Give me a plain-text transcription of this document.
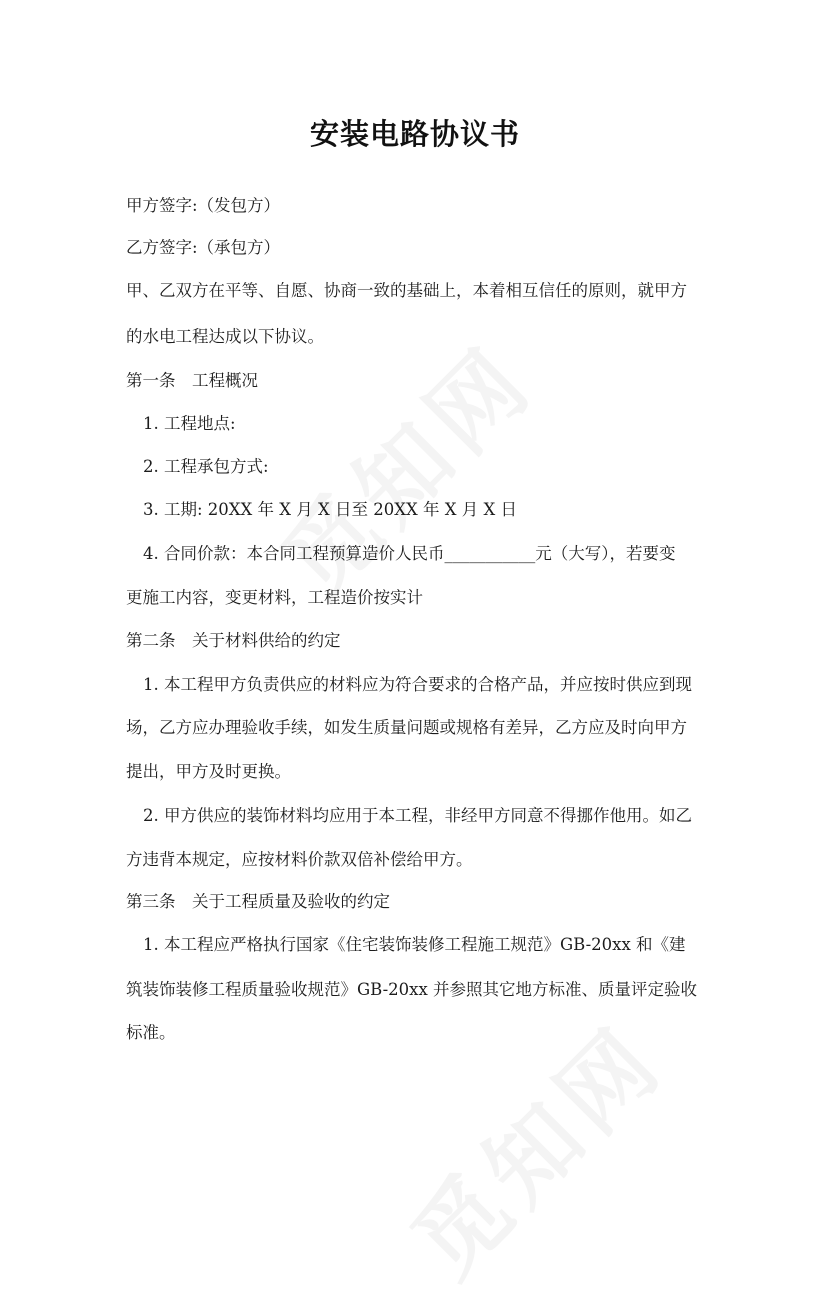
安装电路协议书
甲方签字:（发包方）
乙方签字:（承包方）
甲、乙双方在平等、自愿、协商一致的基础上，本着相互信任的原则，就甲方
的水电工程达成以下协议。
第一条　工程概况
1. 工程地点:
2. 工程承包方式:
3. 工期: 20XX 年 X 月 X 日至 20XX 年 X 月 X 日
4. 合同价款：本合同工程预算造价人民币___________元（大写），若要变
更施工内容，变更材料，工程造价按实计
第二条　关于材料供给的约定
1. 本工程甲方负责供应的材料应为符合要求的合格产品，并应按时供应到现
场，乙方应办理验收手续，如发生质量问题或规格有差异，乙方应及时向甲方
提出，甲方及时更换。
2. 甲方供应的装饰材料均应用于本工程，非经甲方同意不得挪作他用。如乙
方违背本规定，应按材料价款双倍补偿给甲方。
第三条　关于工程质量及验收的约定
1. 本工程应严格执行国家《住宅装饰装修工程施工规范》GB-20xx 和《建
筑装饰装修工程质量验收规范》GB-20xx 并参照其它地方标准、质量评定验收
标准。
